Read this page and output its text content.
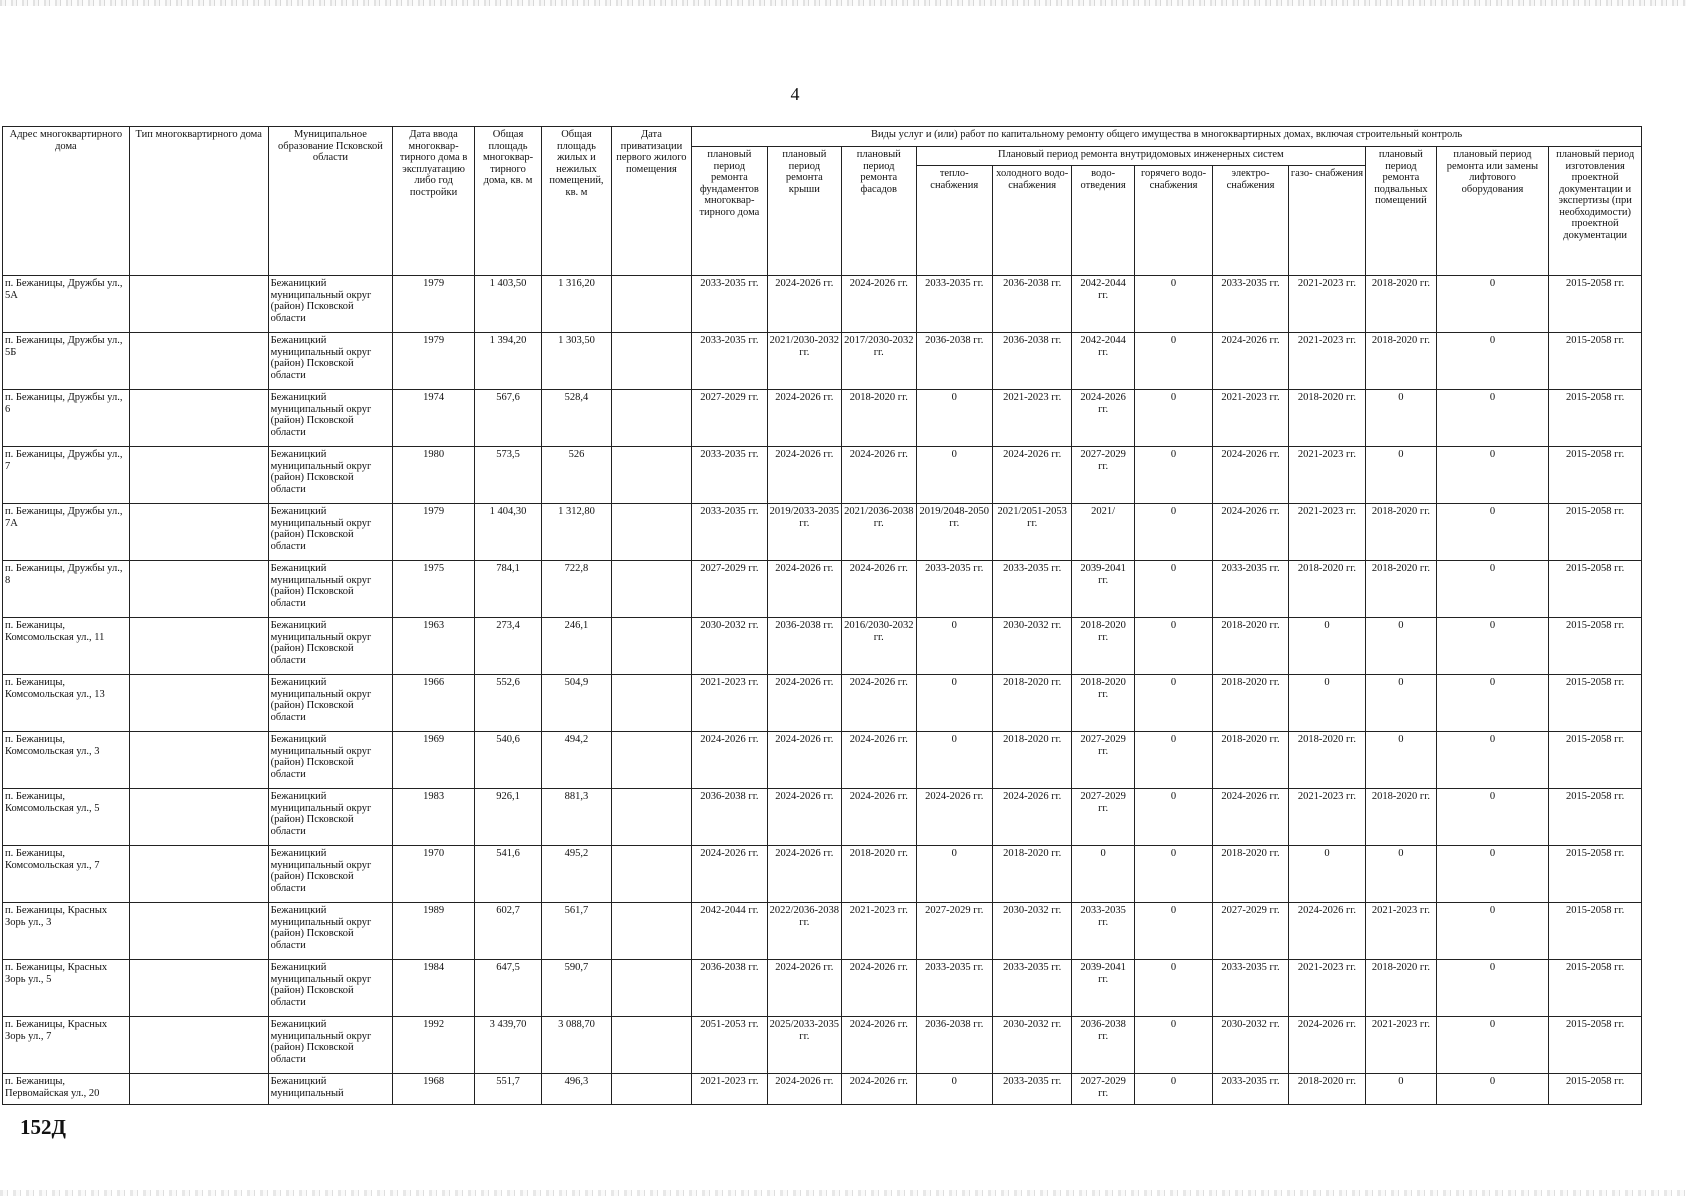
4
Адрес многоквартирного дома	Тип многоквартирного дома	Муниципальное образование Псковской области	Дата ввода многоквар- тирного дома в эксплуатацию либо год постройки	Общая площадь многоквар- тирного дома, кв. м	Общая площадь жилых и нежилых помещений, кв. м	Дата приватизации первого жилого помещения	Виды услуг и (или) работ по капитальному ремонту общего имущества в многоквартирных домах, включая строительный контроль											
							плановый период ремонта фундаментов многоквар- тирного дома	плановый период ремонта крыши	плановый период ремонта фасадов	Плановый период ремонта внутридомовых инженерных систем						плановый период ремонта подвальных помещений	плановый период ремонта или замены лифтового оборудования	плановый период изготовления проектной документации и экспертизы (при необходимости) проектной документации
										тепло- снабжения	холодного водо- снабжения	водо- отведения	горячего водо- снабжения	электро- снабжения	газо- снабжения			
п. Бежаницы, Дружбы ул., 5А		Бежаницкий муниципальный округ (район) Псковской области	1979	1 403,50	1 316,20		2033-2035 гг.	2024-2026 гг.	2024-2026 гг.	2033-2035 гг.	2036-2038 гг.	2042-2044 гг.	0	2033-2035 гг.	2021-2023 гг.	2018-2020 гг.	0	2015-2058 гг.
п. Бежаницы, Дружбы ул., 5Б		Бежаницкий муниципальный округ (район) Псковской области	1979	1 394,20	1 303,50		2033-2035 гг.	2021/2030-2032 гг.	2017/2030-2032 гг.	2036-2038 гг.	2036-2038 гг.	2042-2044 гг.	0	2024-2026 гг.	2021-2023 гг.	2018-2020 гг.	0	2015-2058 гг.
п. Бежаницы, Дружбы ул., 6		Бежаницкий муниципальный округ (район) Псковской области	1974	567,6	528,4		2027-2029 гг.	2024-2026 гг.	2018-2020 гг.	0	2021-2023 гг.	2024-2026 гг.	0	2021-2023 гг.	2018-2020 гг.	0	0	2015-2058 гг.
п. Бежаницы, Дружбы ул., 7		Бежаницкий муниципальный округ (район) Псковской области	1980	573,5	526		2033-2035 гг.	2024-2026 гг.	2024-2026 гг.	0	2024-2026 гг.	2027-2029 гг.	0	2024-2026 гг.	2021-2023 гг.	0	0	2015-2058 гг.
п. Бежаницы, Дружбы ул., 7А		Бежаницкий муниципальный округ (район) Псковской области	1979	1 404,30	1 312,80		2033-2035 гг.	2019/2033-2035 гг.	2021/2036-2038 гг.	2019/2048-2050 гг.	2021/2051-2053 гг.	2021/	0	2024-2026 гг.	2021-2023 гг.	2018-2020 гг.	0	2015-2058 гг.
п. Бежаницы, Дружбы ул., 8		Бежаницкий муниципальный округ (район) Псковской области	1975	784,1	722,8		2027-2029 гг.	2024-2026 гг.	2024-2026 гг.	2033-2035 гг.	2033-2035 гг.	2039-2041 гг.	0	2033-2035 гг.	2018-2020 гг.	2018-2020 гг.	0	2015-2058 гг.
п. Бежаницы, Комсомольская ул., 11		Бежаницкий муниципальный округ (район) Псковской области	1963	273,4	246,1		2030-2032 гг.	2036-2038 гг.	2016/2030-2032 гг.	0	2030-2032 гг.	2018-2020 гг.	0	2018-2020 гг.	0	0	0	2015-2058 гг.
п. Бежаницы, Комсомольская ул., 13		Бежаницкий муниципальный округ (район) Псковской области	1966	552,6	504,9		2021-2023 гг.	2024-2026 гг.	2024-2026 гг.	0	2018-2020 гг.	2018-2020 гг.	0	2018-2020 гг.	0	0	0	2015-2058 гг.
п. Бежаницы, Комсомольская ул., 3		Бежаницкий муниципальный округ (район) Псковской области	1969	540,6	494,2		2024-2026 гг.	2024-2026 гг.	2024-2026 гг.	0	2018-2020 гг.	2027-2029 гг.	0	2018-2020 гг.	2018-2020 гг.	0	0	2015-2058 гг.
п. Бежаницы, Комсомольская ул., 5		Бежаницкий муниципальный округ (район) Псковской области	1983	926,1	881,3		2036-2038 гг.	2024-2026 гг.	2024-2026 гг.	2024-2026 гг.	2024-2026 гг.	2027-2029 гг.	0	2024-2026 гг.	2021-2023 гг.	2018-2020 гг.	0	2015-2058 гг.
п. Бежаницы, Комсомольская ул., 7		Бежаницкий муниципальный округ (район) Псковской области	1970	541,6	495,2		2024-2026 гг.	2024-2026 гг.	2018-2020 гг.	0	2018-2020 гг.	0	0	2018-2020 гг.	0	0	0	2015-2058 гг.
п. Бежаницы, Красных Зорь ул., 3		Бежаницкий муниципальный округ (район) Псковской области	1989	602,7	561,7		2042-2044 гг.	2022/2036-2038 гг.	2021-2023 гг.	2027-2029 гг.	2030-2032 гг.	2033-2035 гг.	0	2027-2029 гг.	2024-2026 гг.	2021-2023 гг.	0	2015-2058 гг.
п. Бежаницы, Красных Зорь ул., 5		Бежаницкий муниципальный округ (район) Псковской области	1984	647,5	590,7		2036-2038 гг.	2024-2026 гг.	2024-2026 гг.	2033-2035 гг.	2033-2035 гг.	2039-2041 гг.	0	2033-2035 гг.	2021-2023 гг.	2018-2020 гг.	0	2015-2058 гг.
п. Бежаницы, Красных Зорь ул., 7		Бежаницкий муниципальный округ (район) Псковской области	1992	3 439,70	3 088,70		2051-2053 гг.	2025/2033-2035 гг.	2024-2026 гг.	2036-2038 гг.	2030-2032 гг.	2036-2038 гг.	0	2030-2032 гг.	2024-2026 гг.	2021-2023 гг.	0	2015-2058 гг.
п. Бежаницы, Первомайская ул., 20		Бежаницкий муниципальный	1968	551,7	496,3		2021-2023 гг.	2024-2026 гг.	2024-2026 гг.	0	2033-2035 гг.	2027-2029 гг.	0	2033-2035 гг.	2018-2020 гг.	0	0	2015-2058 гг.
152Д
